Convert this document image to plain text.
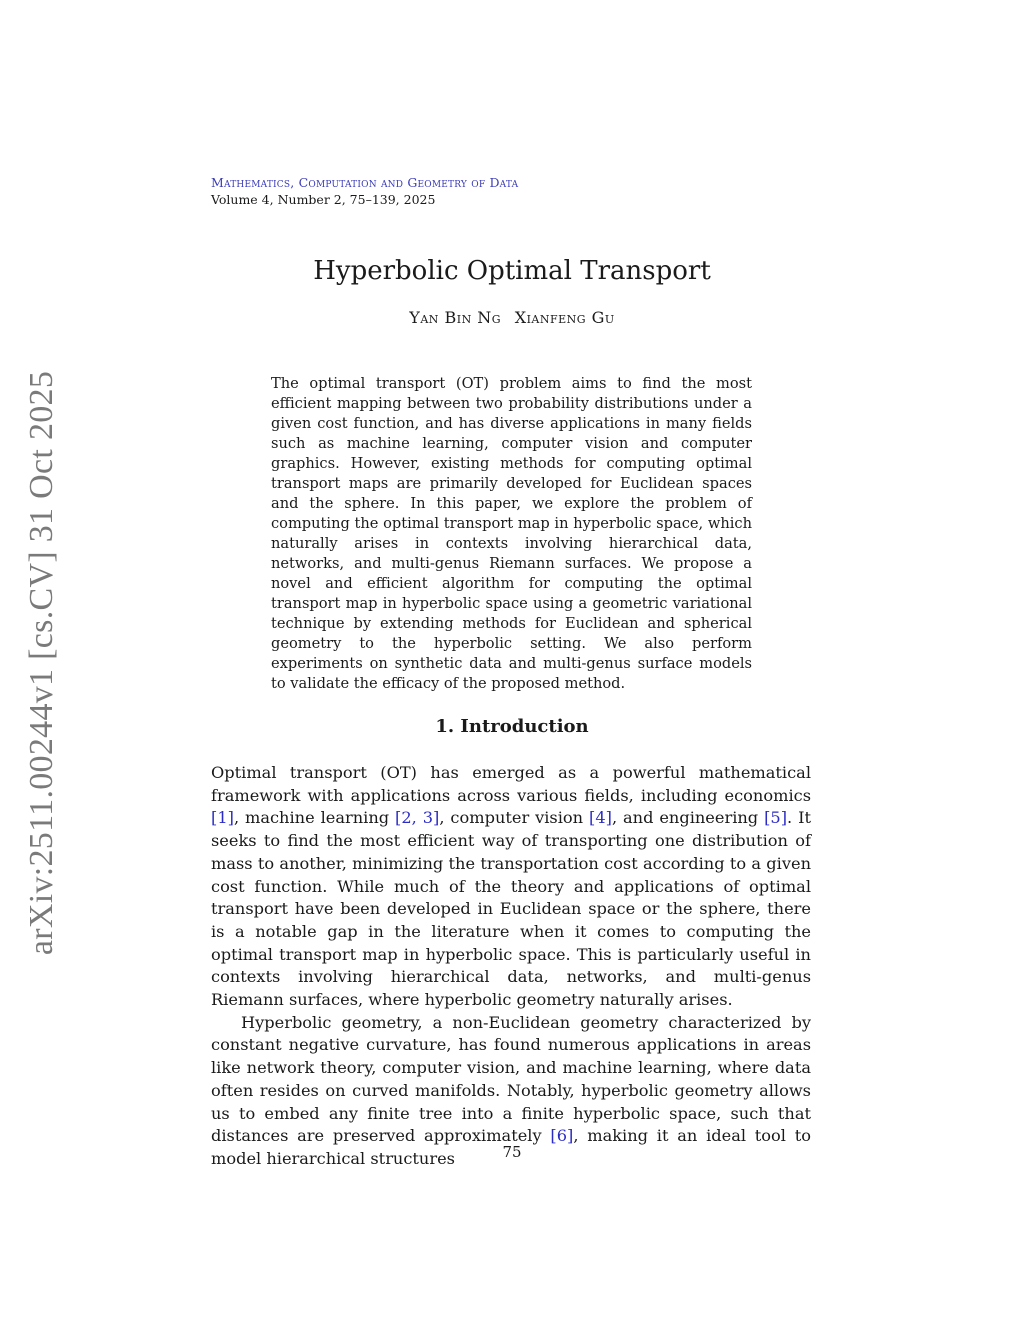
Mathematics, Computation and Geometry of Data
Volume 4, Number 2, 75–139, 2025
Hyperbolic Optimal Transport
Yan Bin Ng Xianfeng Gu

The optimal transport (OT) problem aims to find the most efficient mapping between two probability distributions under a given cost function, and has diverse applications in many fields such as machine learning, computer vision and computer graphics. However, existing methods for computing optimal transport maps are primarily developed for Euclidean spaces and the sphere. In this paper, we explore the problem of computing the optimal transport map in hyperbolic space, which naturally arises in contexts involving hierarchical data, networks, and multi-genus Riemann surfaces. We propose a novel and efficient algorithm for computing the optimal transport map in hyperbolic space using a geometric variational technique by extending methods for Euclidean and spherical geometry to the hyperbolic setting. We also perform experiments on synthetic data and multi-genus surface models to validate the efficacy of the proposed method.

1. Introduction

Optimal transport (OT) has emerged as a powerful mathematical framework with applications across various fields, including economics [1], machine learning [2, 3], computer vision [4], and engineering [5]. It seeks to find the most efficient way of transporting one distribution of mass to another, minimizing the transportation cost according to a given cost function. While much of the theory and applications of optimal transport have been developed in Euclidean space or the sphere, there is a notable gap in the literature when it comes to computing the optimal transport map in hyperbolic space. This is particularly useful in contexts involving hierarchical data, networks, and multi-genus Riemann surfaces, where hyperbolic geometry naturally arises.

Hyperbolic geometry, a non-Euclidean geometry characterized by constant negative curvature, has found numerous applications in areas like network theory, computer vision, and machine learning, where data often resides on curved manifolds. Notably, hyperbolic geometry allows us to embed any finite tree into a finite hyperbolic space, such that distances are preserved approximately [6], making it an ideal tool to model hierarchical structures	75
arXiv:2511.00244v1 [cs.CV] 31 Oct 2025
